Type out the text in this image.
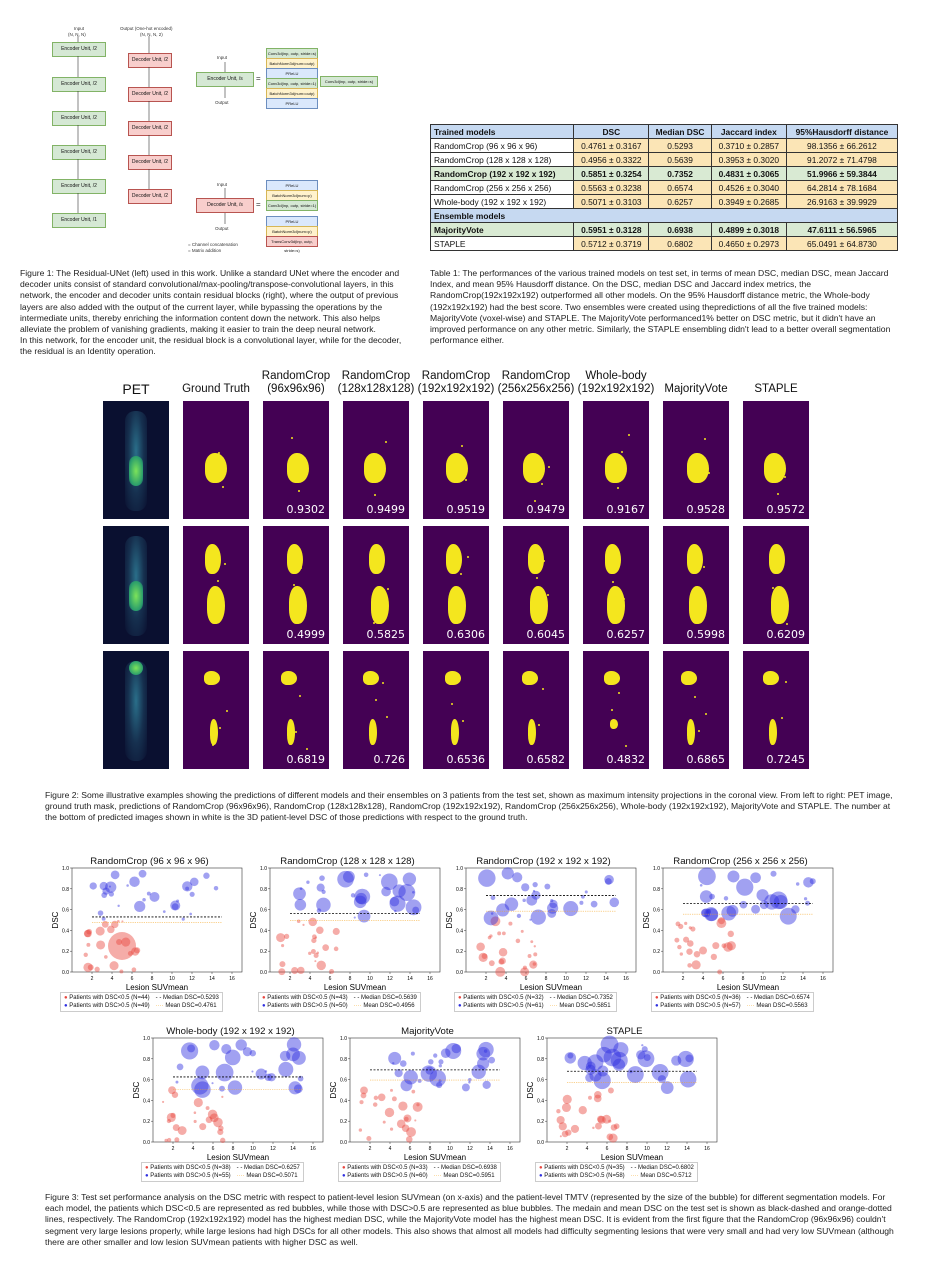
Input
(N, N, N)
Output (One-hot encoded)
(N, N, N, 2)
Encoder Unit, /2
Encoder Unit, /2
Encoder Unit, /2
Encoder Unit, /2
Encoder Unit, /2
Encoder Unit, /1
Decoder Unit, /2
Decoder Unit, /2
Decoder Unit, /2
Decoder Unit, /2
Decoder Unit, /2
Input
Encoder Unit, /s
Output
=
Conv3d(inp, outp, stride=s)
BatchNorm3d(num=outp)
PReLU
Conv3d(inp, outp, stride=1)
BatchNorm3d(num=outp)
PReLU
Conv3d(inp, outp, stride=s)
Input
Decoder Unit, /s
Output
=
PReLU
BatchNorm3d(num=p)
Conv3d(inp, outp, stride=1)
PReLU
BatchNorm3d(num=p)
TransConv3d(inp, outp, stride=s)
= Channel concatenation
= Matrix addition
Figure 1: The Residual-UNet (left) used in this work. Unlike a standard UNet where the encoder and decoder units consist of standard convolutional/max-pooling/transpose-convolutional layers, in this network, the encoder and decoder units contain residual blocks (right), where the output of previous layers are also added with the output of the current layer, while bypassing the operations by the intermediate units, thereby enriching the information content down the network. This also helps alleviate the problem of vanishing gradients, making it easier to train the deep neural network.
In this network, for the encoder unit, the residual block is a convolutional layer, while for the decoder, the residual is an Identity operation.
Trained models	DSC	Median DSC	Jaccard index	95%Hausdorff distance
RandomCrop (96 x 96 x 96)	0.4761 ± 0.3167	0.5293	0.3710 ± 0.2857	98.1356 ± 66.2612
RandomCrop (128 x 128 x 128)	0.4956 ± 0.3322	0.5639	0.3953 ± 0.3020	91.2072 ± 71.4798
RandomCrop (192 x 192 x 192)	0.5851 ± 0.3254	0.7352	0.4831 ± 0.3065	51.9966 ± 59.3844
RandomCrop (256 x 256 x 256)	0.5563 ± 0.3238	0.6574	0.4526 ± 0.3040	64.2814 ± 78.1684
Whole-body (192 x 192 x 192)	0.5071 ± 0.3103	0.6257	0.3949 ± 0.2685	26.9163 ± 39.9929
Ensemble models				
MajorityVote	0.5951 ± 0.3128	0.6938	0.4899 ± 0.3018	47.6111 ± 56.5965
STAPLE	0.5712 ± 0.3719	0.6802	0.4650 ± 0.2973	65.0491 ± 64.8730
Table 1: The performances of the various trained models on test set, in terms of mean DSC, median DSC, mean Jaccard Index, and mean 95% Hausdorff distance. On the DSC, median DSC and Jaccard index metrics, the RandomCrop(192x192x192) outperformed all other models. On the 95% Hausdorff distance metric, the Whole-body (192x192x192) had the best score. Two ensembles were created using thepredictions of all the five trained models: MajorityVote (voxel-wise) and STAPLE. The MajorityVote performanced1% better on DSC metric, but it didn't have an improved performance on any other metric. Similarly, the STAPLE ensembling didn't lead to a better overall segmentation performance either.
PET	Ground Truth
RandomCrop
(96x96x96)
RandomCrop
(128x128x128)
RandomCrop
(192x192x192)
RandomCrop
(256x256x256)
Whole-body
(192x192x192) MajorityVote	STAPLE
0.9302	0.9499	0.9519	0.9479	0.9167	0.9528	0.9572
0.4999	0.5825	0.6306	0.6045	0.6257	0.5998	0.6209
0.6819	0.726	0.6536	0.6582	0.4832	0.6865	0.7245
Figure 2: Some illustrative examples showing the predictions of different models and their ensembles on 3 patients from the test set, shown as maximum intensity projections in the coronal view. From left to right: PET image, ground truth mask, predictions of RandomCrop (96x96x96), RandomCrop (128x128x128), RandomCrop (192x192x192), RandomCrop (256x256x256), Whole-body (192x192x192), MajorityVote and STAPLE. The number at the bottom of predicted images shown in white is the 3D patient-level DSC of those predictions with respect to the ground truth.
RandomCrop (96 x 96 x 96)
2	4	6	8	10	12	14	16
0.0
0.2
0.4
0.6
0.8
1.0
Lesion SUVmean
DSC
● Patients with DSC<0.5 (N=44) - - Median DSC=0.5293
● Patients with DSC>0.5 (N=49) ···· Mean DSC=0.4761
RandomCrop (128 x 128 x 128)
2	4	6	8	10	12	14	16
0.0
0.2
0.4
0.6
0.8
1.0
Lesion SUVmean
DSC
● Patients with DSC<0.5 (N=43) - - Median DSC=0.5639
● Patients with DSC>0.5 (N=50) ···· Mean DSC=0.4956
RandomCrop (192 x 192 x 192)
2	4	6	8	10	12	14	16
0.0
0.2
0.4
0.6
0.8
1.0
Lesion SUVmean
DSC
● Patients with DSC<0.5 (N=32) - - Median DSC=0.7352
● Patients with DSC>0.5 (N=61) ···· Mean DSC=0.5851
RandomCrop (256 x 256 x 256)
2	4	6	8	10	12	14	16
0.0
0.2
0.4
0.6
0.8
1.0
Lesion SUVmean
DSC
● Patients with DSC<0.5 (N=36) - - Median DSC=0.6574
● Patients with DSC>0.5 (N=57) ···· Mean DSC=0.5563
Whole-body (192 x 192 x 192)
2	4	6	8	10	12	14	16
0.0
0.2
0.4
0.6
0.8
1.0
Lesion SUVmean
DSC
● Patients with DSC<0.5 (N=38) - - Median DSC=0.6257
● Patients with DSC>0.5 (N=55) ···· Mean DSC=0.5071
MajorityVote
2	4	6	8	10	12	14	16
0.0
0.2
0.4
0.6
0.8
1.0
Lesion SUVmean
DSC
● Patients with DSC<0.5 (N=33) - - Median DSC=0.6938
● Patients with DSC>0.5 (N=60) ···· Mean DSC=0.5951
STAPLE
2	4	6	8	10	12	14	16
0.0
0.2
0.4
0.6
0.8
1.0
Lesion SUVmean
DSC
● Patients with DSC<0.5 (N=35) - - Median DSC=0.6802
● Patients with DSC>0.5 (N=58) ···· Mean DSC=0.5712
Figure 3: Test set performance analysis on the DSC metric with respect to patient-level lesion SUVmean (on x-axis) and the patient-level TMTV (represented by the size of the bubble) for different segmentation models. For each model, the patients which DSC<0.5 are represented as red bubbles, while those with DSC>0.5 are represented as blue bubbles. The medain and mean DSC on the test set is shown as black-dashed and orange-dotted lines, respectively. The RandomCrop (192x192x192) model has the highest median DSC, while the MajorityVote model has the highest mean DSC. It is evident from the first figure that the RandomCrop (96x96x96) couldn't segment very large lesions properly, while large lesions had high DSCs for all other models. This also shows that almost all models had difficulty segmenting lesions that were very small and had very low SUVmean (although there are other smaller and low lesion SUVmean patients with higher DSC as well.
